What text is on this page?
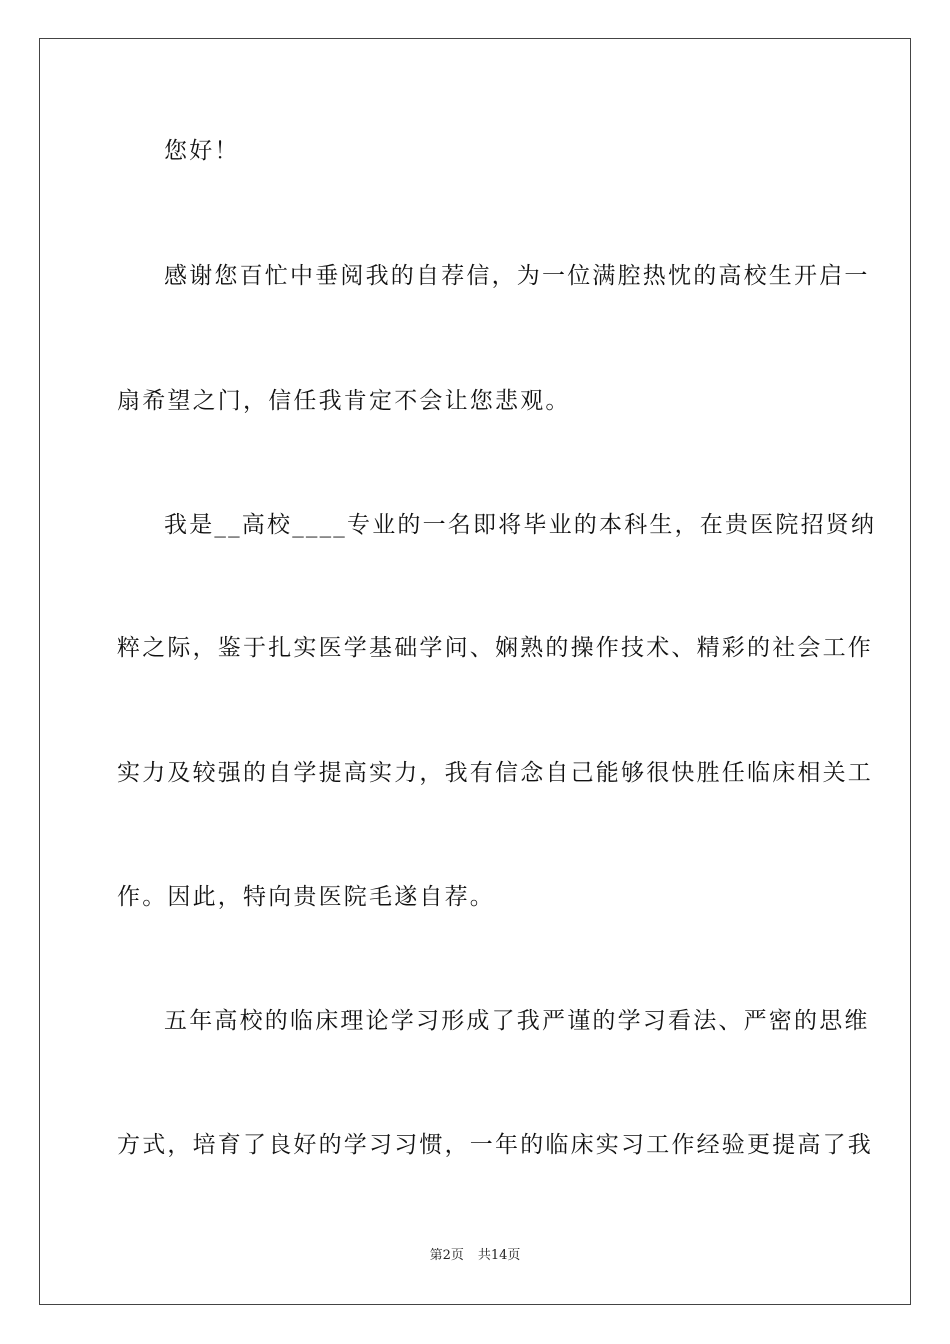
您好！
感谢您百忙中垂阅我的自荐信，为一位满腔热忱的高校生开启一
扇希望之门，信任我肯定不会让您悲观。
我是__高校____专业的一名即将毕业的本科生，在贵医院招贤纳
粹之际，鉴于扎实医学基础学问、娴熟的操作技术、精彩的社会工作
实力及较强的自学提高实力，我有信念自己能够很快胜任临床相关工
作。因此，特向贵医院毛遂自荐。
五年高校的临床理论学习形成了我严谨的学习看法、严密的思维
方式，培育了良好的学习习惯，一年的临床实习工作经验更提高了我
第2页 共14页
